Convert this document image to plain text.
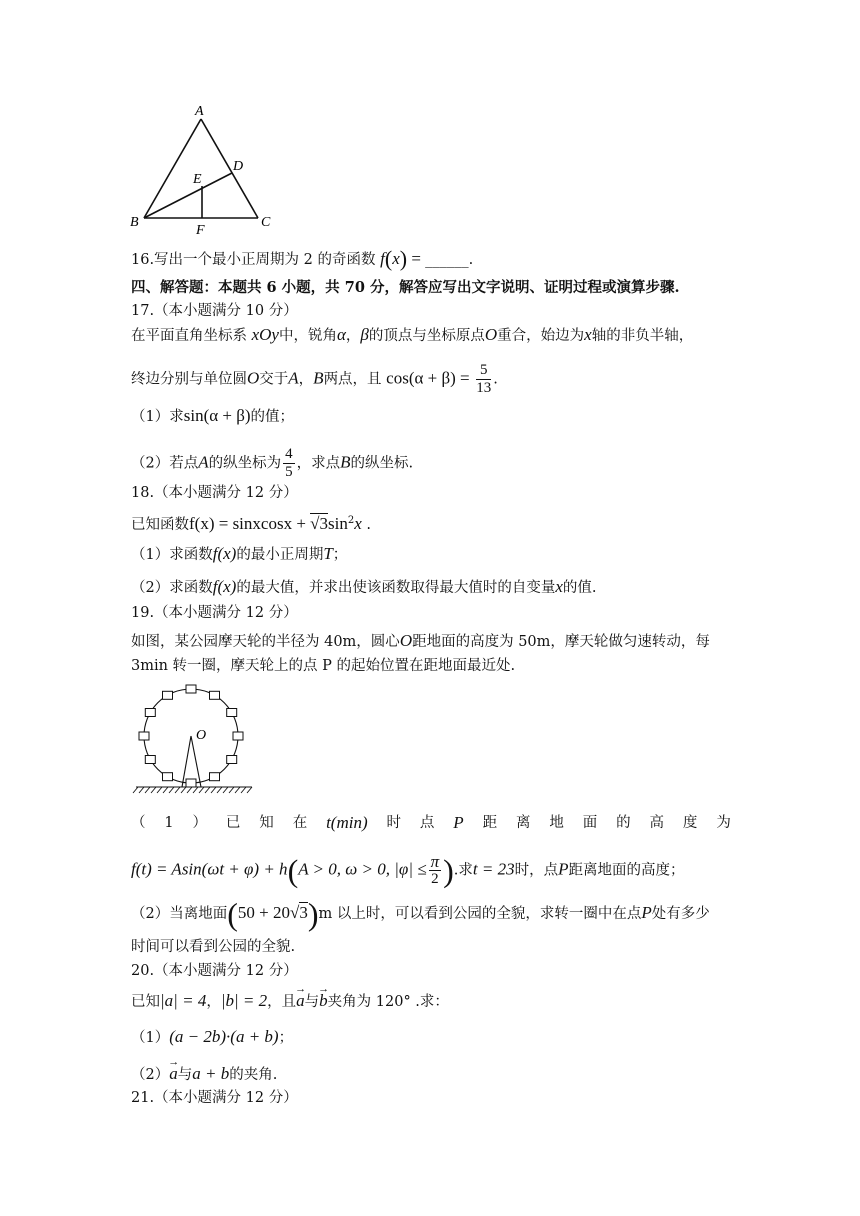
A
B	C
D
E
F
16.写出一个最小正周期为 2 的奇函数 f(x) = ______.
四、解答题：本题共 6 小题，共 70 分，解答应写出文字说明、证明过程或演算步骤.
17.（本小题满分 10 分）
在平面直角坐标系 xOy中，锐角α，β的顶点与坐标原点O重合，始边为x轴的非负半轴，
终边分别与单位圆O交于A，B两点，且 $\cos(\alpha + \beta) = \frac{5}{13}$ .
（1）求sin(α + β)的值；
（2）若点A的纵坐标为 $\frac{4}{5}$ ，求点B的纵坐标.
18.（本小题满分 12 分）
已知函数f(x) = sinxcosx + $√3\sin^2x$ .
（1）求函数f(x)的最小正周期T；
（2）求函数f(x)的最大值，并求出使该函数取得最大值时的自变量x的值.
19.（本小题满分 12 分）
如图，某公园摩天轮的半径为 40m，圆心O距地面的高度为 50m，摩天轮做匀速转动，每
3min 转一圈，摩天轮上的点 P 的起始位置在距地面最近处.
O
（ 1 ） 已 知 在 t(min) 时 点 P 距 离 地 面 的 高 度 为
f(t) = Asin(ωt + φ) + h(A > 0, ω > 0, $|\varphi| \le \frac{\pi}{2}$ ).求t = 23时，点P距离地面的高度；
（2）当离地面(50 + 20√3)m 以上时，可以看到公园的全貌，求转一圈中在点P处有多少
时间可以看到公园的全貌.
20.（本小题满分 12 分）
已知|a| = 4，|b| = 2，且→ a与→ b夹角为 120° .求：
（1）(a − 2b)·(a + b)；
（2）→ a与a + b的夹角.
21.（本小题满分 12 分）
